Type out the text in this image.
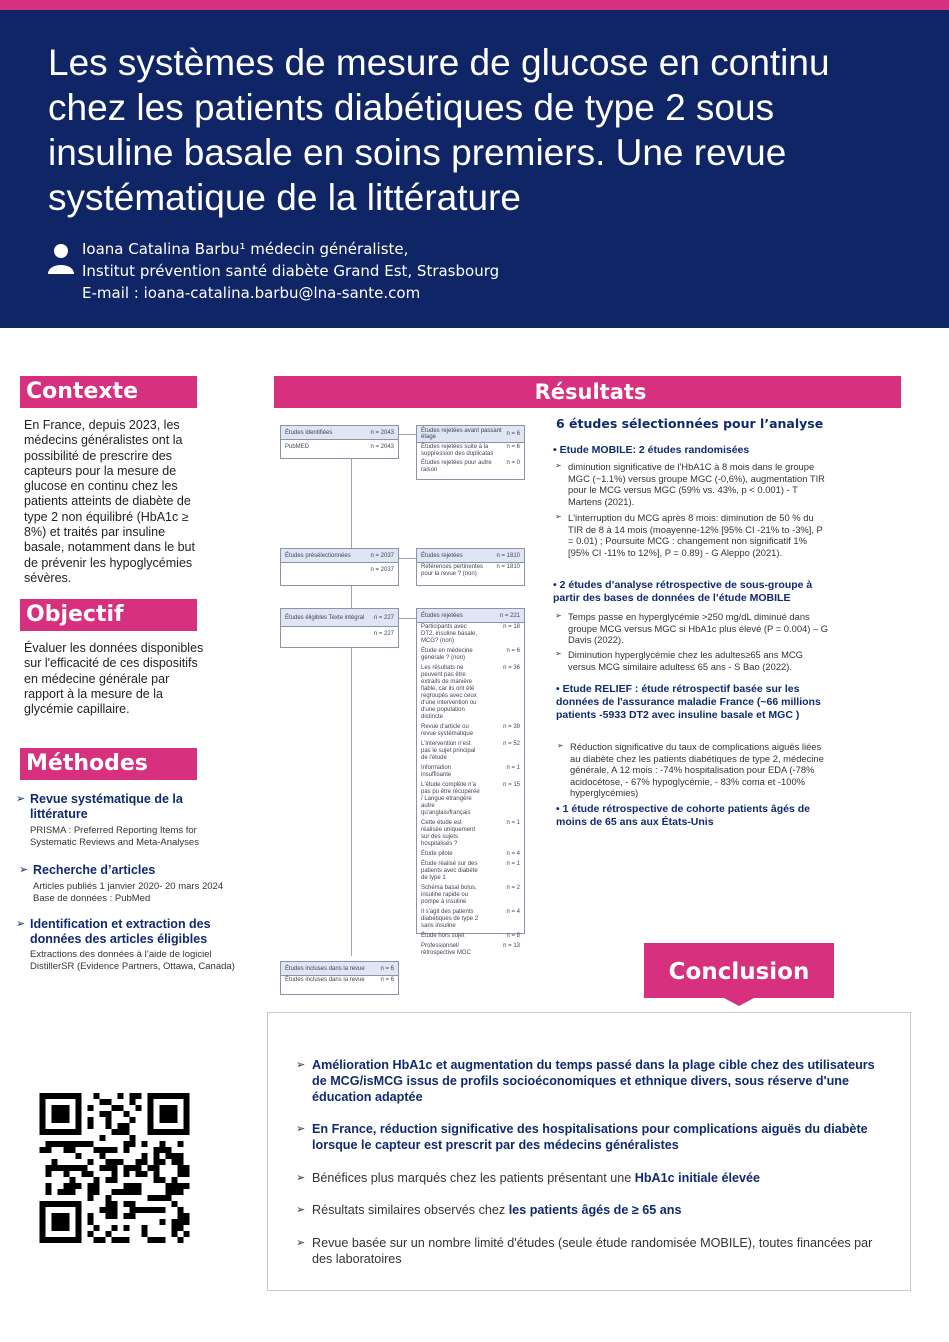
Les systèmes de mesure de glucose en continu chez les patients diabétiques de type 2 sous insuline basale en soins premiers. Une revue systématique de la littérature
Ioana Catalina Barbu¹ médecin généraliste,
Institut prévention santé diabète Grand Est, Strasbourg
E-mail : ioana-catalina.barbu@lna-sante.com
Contexte
En France, depuis 2023, les médecins généralistes ont la possibilité de prescrire des capteurs pour la mesure de glucose en continu chez les patients atteints de diabète de type 2 non équilibré (HbA1c ≥ 8%) et traités par insuline basale, notamment dans le but de prévenir les hypoglycémies sévères.
Objectif
Évaluer les données disponibles sur l'efficacité de ces dispositifs en médecine générale par rapport à la mesure de la glycémie capillaire.
Méthodes
➢ Revue systématique de la littérature
PRISMA : Preferred Reporting Items for Systematic Reviews and Meta-Analyses
➢ Recherche d’articles
Articles publiés 1 janvier 2020- 20 mars 2024
Base de données : PubMed
➢ Identification et extraction des données des articles éligibles
Extractions des données à l’aide de logiciel DistillerSR (Evidence Partners, Ottawa, Canada)
Résultats
Études identifiées	n = 2043
PubMED	n = 2043
Études rejetées avant passant étage	n = 6
Études rejetées suite à la suppression des duplicatas
n = 6
Études rejetées pour autre raison
n = 0
Études présélectionnées	n = 2037
n = 2037
Études rejetées	n = 1810
Références pertinentes pour la revue ? (non)
n = 1810
Études éligibles Texte intégral n = 227
n = 227
Études rejetées	n = 221
Participants avec DT2, insuline basale, MCG? (non)
n = 18
Étude en médecine générale ? (non)
n = 6
Les résultats ne peuvent pas être extraits de manière fiable, car ils ont été regroupés avec ceux d'une intervention ou d'une population distincte
n = 36
Revue d'article ou revue systématique
n = 39
L'intervention n'est pas le sujet principal de l'étude
n = 52
Information insuffisante
n = 1
L'étude complète n'a pas pu être récupérée / Langue étrangère autre qu'anglais/français
n = 15
Cette étude est réalisée uniquement sur des sujets hospitalisés ?
n = 1
Étude pilote	n = 4
Étude réalisé sur des patients avec diabète de type 1
n = 1
Schéma basal bolus, insuline rapide ou pompe à insuline
n = 2
Il s'agit des patients diabétiques de type 2 sans insuline
n = 4
Étude hors sujet	n = 8
Professionnel/ rétrospective MGC
n = 13
Études incluses dans la revue	n = 6
Études incluses dans la revue	n = 6
6 études sélectionnées pour l’analyse
• Etude MOBILE: 2 études randomisées
➢ diminution significative de l'HbA1C à 8 mois dans le groupe MGC (−1.1%) versus groupe MGC (-0,6%), augmentation TIR pour le MCG versus MGC (59% vs. 43%, p < 0.001) - T Martens (2021).
➢ L'interruption du MCG après 8 mois: diminution de 50 % du TIR de 8 à 14 mois (moayenne-12% [95% CI -21% to -3%], P = 0.01) ; Poursuite MCG : changement non significatif 1% [95% CI -11% to 12%], P = 0.89) - G Aleppo (2021).
• 2 études d’analyse rétrospective de sous-groupe à partir des bases de données de l’étude MOBILE
➢ Temps passe en hyperglycémie >250 mg/dL diminué dans groupe MCG versus MGC si HbA1c plus élevé (P = 0.004) – G Davis (2022).
➢ Diminution hyperglycémie chez les adultes≥65 ans MCG versus MCG similaire adultes≤ 65 ans - S Bao (2022).
• Etude RELIEF : étude rétrospectif basée sur les données de l'assurance maladie France (~66 millions patients -5933 DT2 avec insuline basale et MGC )
➢ Réduction significative du taux de complications aiguës liées au diabète chez les patients diabétiques de type 2, médecine générale, A 12 mois : -74% hospitalisation pour EDA (-78% acidocétose, - 67% hypoglycémie, - 83% coma et -100% hyperglycémies)
• 1 étude rétrospective de cohorte patients âgés de moins de 65 ans aux États-Unis
➢ Amélioration HbA1c et augmentation du temps passé dans la plage cible chez des utilisateurs de MCG/isMCG issus de profils socioéconomiques et ethnique divers, sous réserve d'une éducation adaptée
➢ En France, réduction significative des hospitalisations pour complications aiguës du diabète lorsque le capteur est prescrit par des médecins généralistes
➢ Bénéfices plus marqués chez les patients présentant une HbA1c initiale élevée
➢ Résultats similaires observés chez les patients âgés de ≥ 65 ans
➢ Revue basée sur un nombre limité d'études (seule étude randomisée MOBILE), toutes financées par des laboratoires
Conclusion
